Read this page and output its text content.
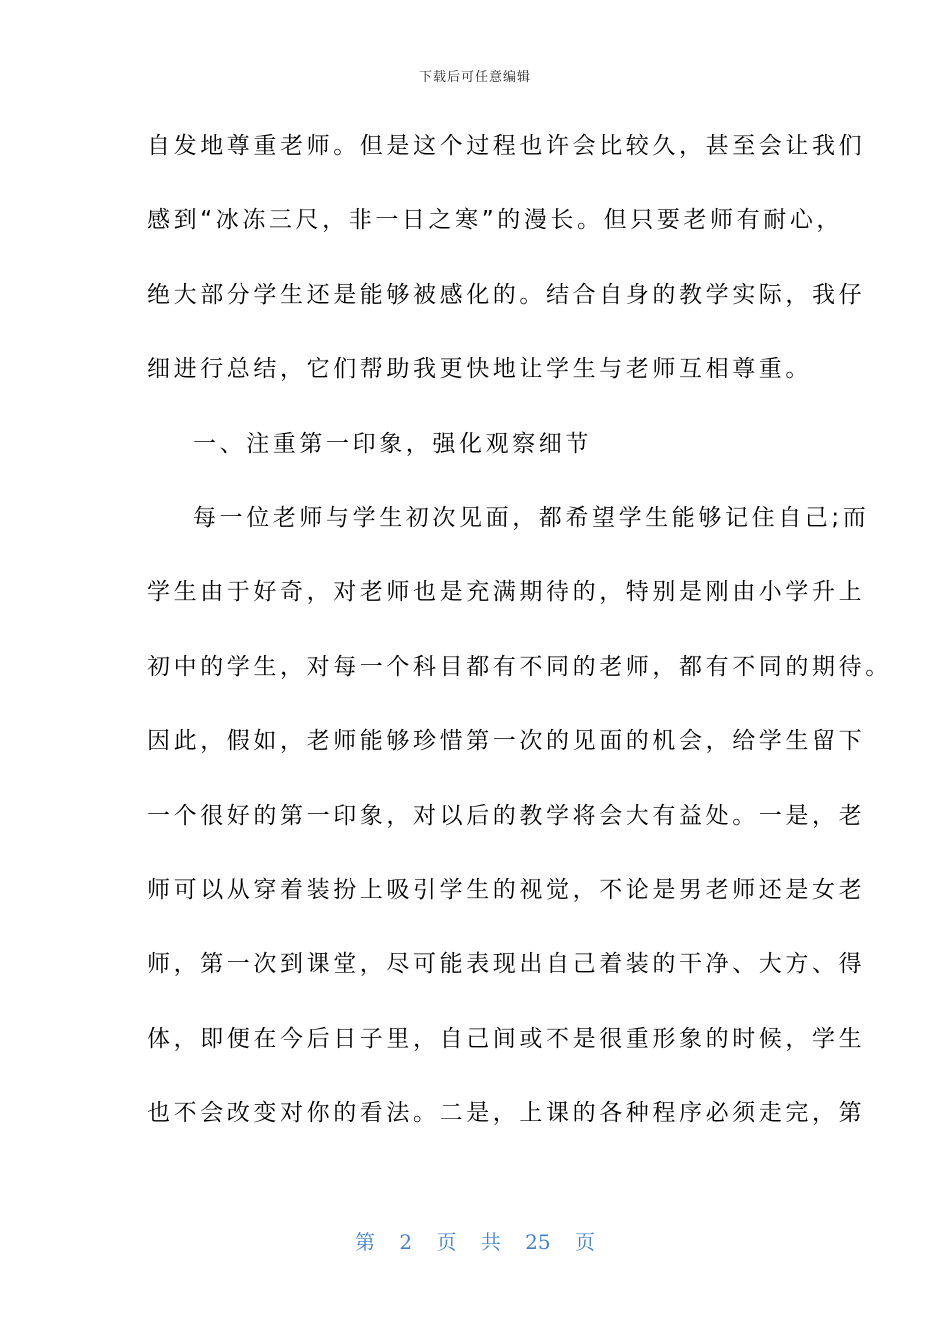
下载后可任意编辑
自发地尊重老师。但是这个过程也许会比较久，甚至会让我们
感到“冰冻三尺，非一日之寒”的漫长。但只要老师有耐心，
绝大部分学生还是能够被感化的。结合自身的教学实际，我仔
细进行总结，它们帮助我更快地让学生与老师互相尊重。
一、注重第一印象，强化观察细节
每一位老师与学生初次见面，都希望学生能够记住自己;而
学生由于好奇，对老师也是充满期待的，特别是刚由小学升上
初中的学生，对每一个科目都有不同的老师，都有不同的期待。
因此，假如，老师能够珍惜第一次的见面的机会，给学生留下
一个很好的第一印象，对以后的教学将会大有益处。一是，老
师可以从穿着装扮上吸引学生的视觉，不论是男老师还是女老
师，第一次到课堂，尽可能表现出自己着装的干净、大方、得
体，即便在今后日子里，自己间或不是很重形象的时候，学生
也不会改变对你的看法。二是，上课的各种程序必须走完，第
第 2 页 共 25 页
